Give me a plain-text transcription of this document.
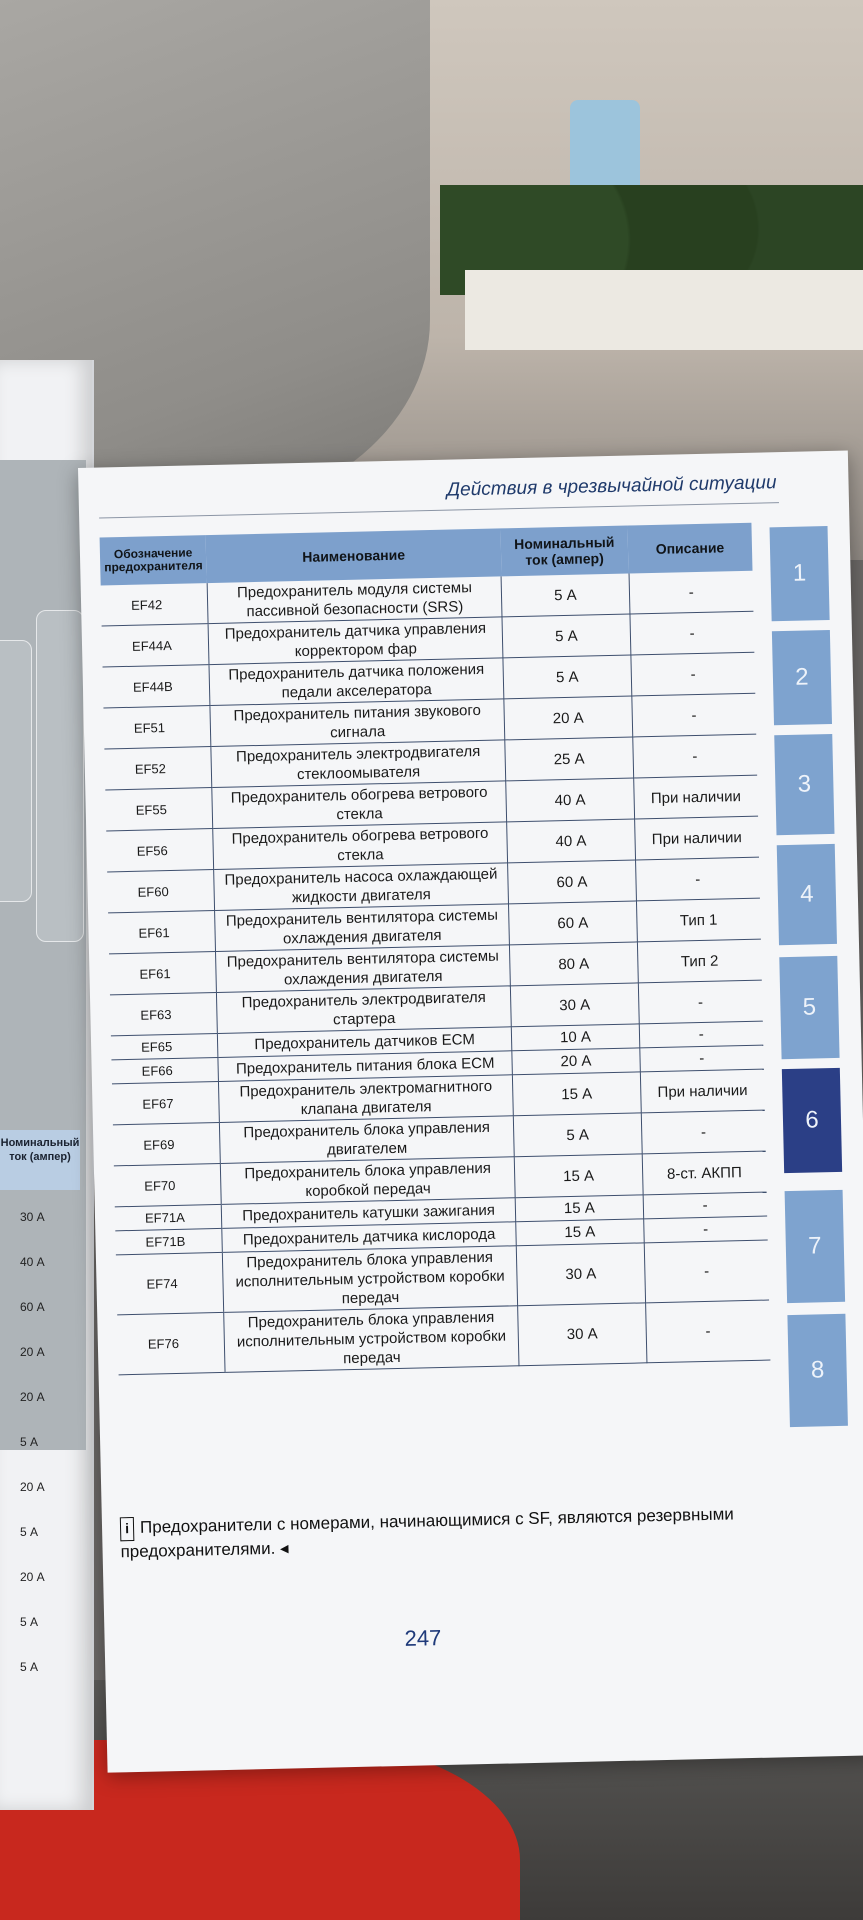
Номинальный ток (ампер)
30 А
40 А
60 А
20 А
20 А
5 А
20 А
5 А
20 А
5 А
5 А
Действия в чрезвычайной ситуации
Обозначение предохранителя	Наименование	Номинальный ток (ампер)	Описание
EF42	Предохранитель модуля системы пассивной безопасности (SRS)	5 А	-
EF44A	Предохранитель датчика управления корректором фар	5 А	-
EF44B	Предохранитель датчика положения педали акселератора	5 А	-
EF51	Предохранитель питания звукового сигнала	20 А	-
EF52	Предохранитель электродвигателя стеклоомывателя	25 А	-
EF55	Предохранитель обогрева ветрового стекла	40 А	При наличии
EF56	Предохранитель обогрева ветрового стекла	40 А	При наличии
EF60	Предохранитель насоса охлаждающей жидкости двигателя	60 А	-
EF61	Предохранитель вентилятора системы охлаждения двигателя	60 А	Тип 1
EF61	Предохранитель вентилятора системы охлаждения двигателя	80 А	Тип 2
EF63	Предохранитель электродвигателя стартера	30 А	-
EF65	Предохранитель датчиков ECM	10 А	-
EF66	Предохранитель питания блока ECM	20 А	-
EF67	Предохранитель электромагнитного клапана двигателя	15 А	При наличии
EF69	Предохранитель блока управления двигателем	5 А	-
EF70	Предохранитель блока управления коробкой передач	15 А	8-ст. АКПП
EF71A	Предохранитель катушки зажигания	15 А	-
EF71B	Предохранитель датчика кислорода	15 А	-
EF74	Предохранитель блока управления исполнительным устройством коробки передач	30 А	-
EF76	Предохранитель блока управления исполнительным устройством коробки передач	30 А	-
1
2
3
4
5
6
7
8
i Предохранители с номерами, начинающимися с SF, являются резервными предохранителями. ◂
247
